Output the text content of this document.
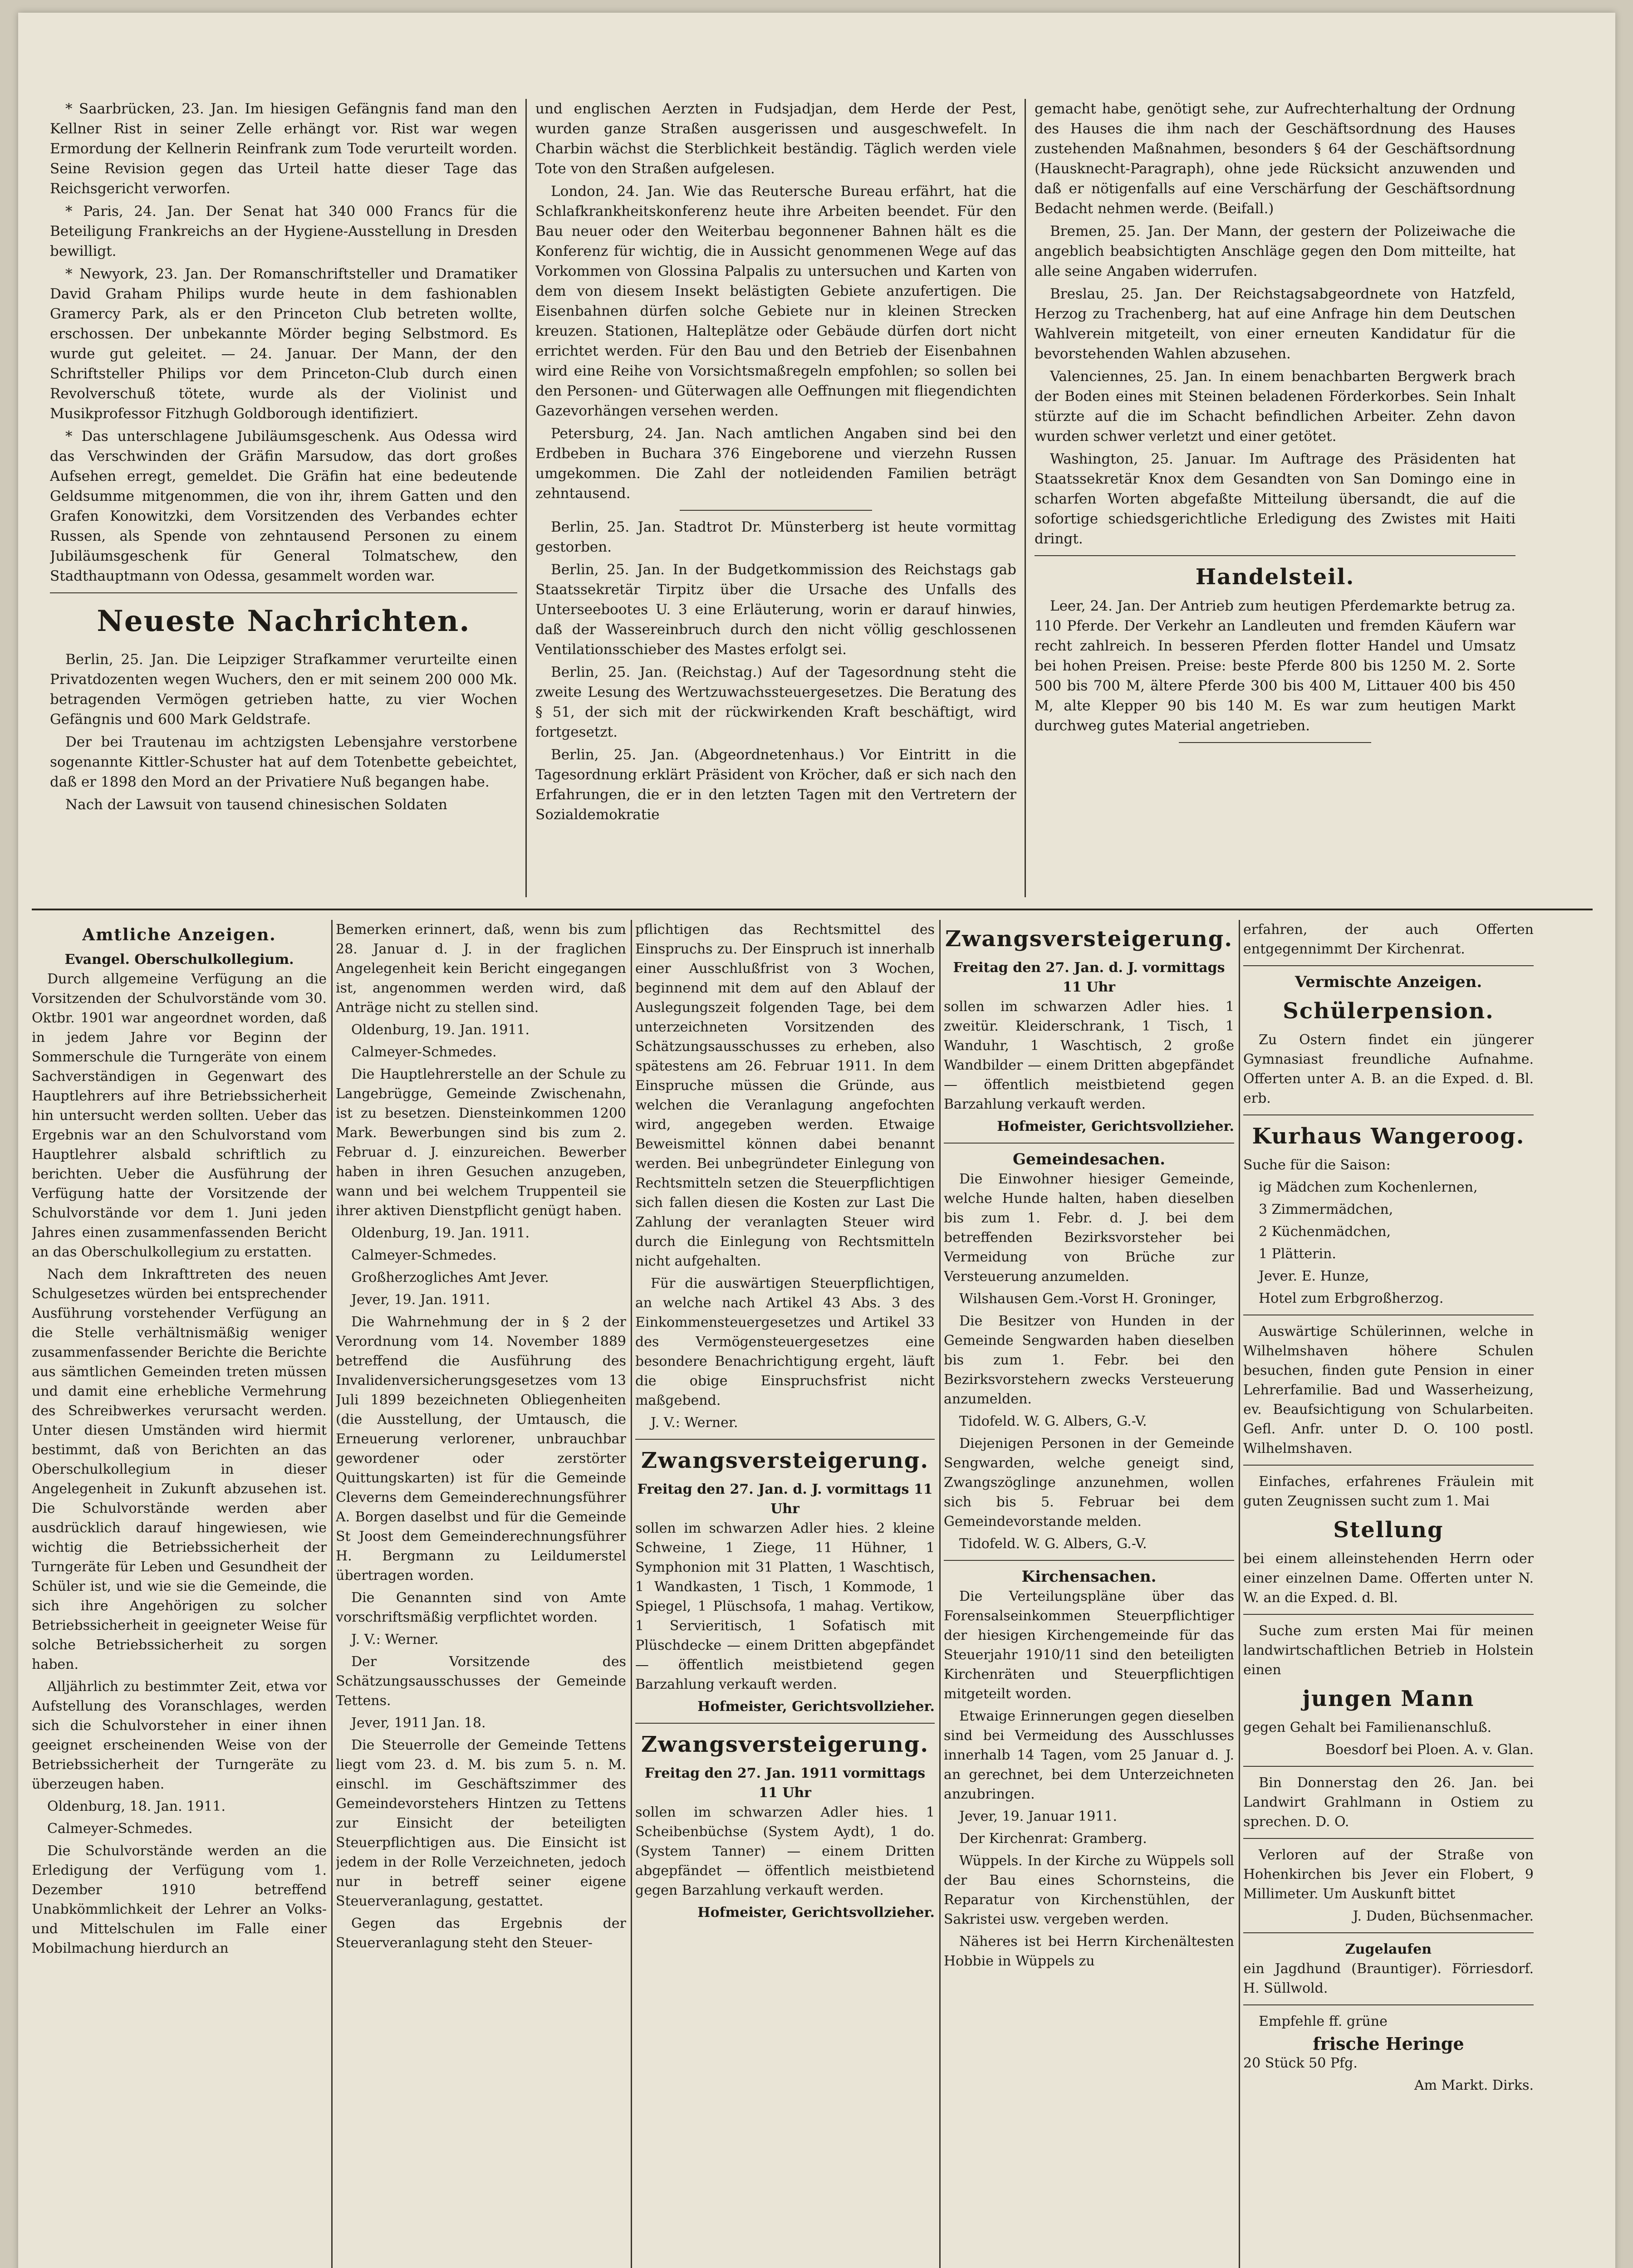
* Saarbrücken, 23. Jan. Im hiesigen Gefängnis fand man den Kellner Rist in seiner Zelle erhängt vor. Rist war wegen Ermordung der Kellnerin Reinfrank zum Tode verurteilt worden. Seine Revision gegen das Urteil hatte dieser Tage das Reichsgericht verworfen.

* Paris, 24. Jan. Der Senat hat 340 000 Francs für die Beteiligung Frankreichs an der Hygiene-Ausstellung in Dresden bewilligt.

* Newyork, 23. Jan. Der Romanschriftsteller und Dramatiker David Graham Philips wurde heute in dem fashionablen Gramercy Park, als er den Princeton Club betreten wollte, erschossen. Der unbekannte Mörder beging Selbstmord. Es wurde gut geleitet. — 24. Januar. Der Mann, der den Schriftsteller Philips vor dem Princeton-Club durch einen Revolverschuß tötete, wurde als der Violinist und Musikprofessor Fitzhugh Goldborough identifiziert.

* Das unterschlagene Jubiläumsgeschenk. Aus Odessa wird das Verschwinden der Gräfin Marsudow, das dort großes Aufsehen erregt, gemeldet. Die Gräfin hat eine bedeutende Geldsumme mitgenommen, die von ihr, ihrem Gatten und den Grafen Konowitzki, dem Vorsitzenden des Verbandes echter Russen, als Spende von zehntausend Personen zu einem Jubiläumsgeschenk für General Tolmatschew, den Stadthauptmann von Odessa, gesammelt worden war.

Neueste Nachrichten.

Berlin, 25. Jan. Die Leipziger Strafkammer verurteilte einen Privatdozenten wegen Wuchers, den er mit seinem 200 000 Mk. betragenden Vermögen getrieben hatte, zu vier Wochen Gefängnis und 600 Mark Geldstrafe.

Der bei Trautenau im achtzigsten Lebensjahre verstorbene sogenannte Kittler-Schuster hat auf dem Totenbette gebeichtet, daß er 1898 den Mord an der Privatiere Nuß begangen habe.

Nach der Lawsuit von tausend chinesischen Soldaten

und englischen Aerzten in Fudsjadjan, dem Herde der Pest, wurden ganze Straßen ausgerissen und ausgeschwefelt. In Charbin wächst die Sterblichkeit beständig. Täglich werden viele Tote von den Straßen aufgelesen.

London, 24. Jan. Wie das Reutersche Bureau erfährt, hat die Schlafkrankheitskonferenz heute ihre Arbeiten beendet. Für den Bau neuer oder den Weiterbau begonnener Bahnen hält es die Konferenz für wichtig, die in Aussicht genommenen Wege auf das Vorkommen von Glossina Palpalis zu untersuchen und Karten von dem von diesem Insekt belästigten Gebiete anzufertigen. Die Eisenbahnen dürfen solche Gebiete nur in kleinen Strecken kreuzen. Stationen, Halteplätze oder Gebäude dürfen dort nicht errichtet werden. Für den Bau und den Betrieb der Eisenbahnen wird eine Reihe von Vorsichtsmaßregeln empfohlen; so sollen bei den Personen- und Güterwagen alle Oeffnungen mit fliegendichten Gazevorhängen versehen werden.

Petersburg, 24. Jan. Nach amtlichen Angaben sind bei den Erdbeben in Buchara 376 Eingeborene und vierzehn Russen umgekommen. Die Zahl der notleidenden Familien beträgt zehntausend.

Berlin, 25. Jan. Stadtrot Dr. Münsterberg ist heute vormittag gestorben.

Berlin, 25. Jan. In der Budgetkommission des Reichstags gab Staatssekretär Tirpitz über die Ursache des Unfalls des Unterseebootes U. 3 eine Erläuterung, worin er darauf hinwies, daß der Wassereinbruch durch den nicht völlig geschlossenen Ventilationsschieber des Mastes erfolgt sei.

Berlin, 25. Jan. (Reichstag.) Auf der Tagesordnung steht die zweite Lesung des Wertzuwachssteuergesetzes. Die Beratung des § 51, der sich mit der rückwirkenden Kraft beschäftigt, wird fortgesetzt.

Berlin, 25. Jan. (Abgeordnetenhaus.) Vor Eintritt in die Tagesordnung erklärt Präsident von Kröcher, daß er sich nach den Erfahrungen, die er in den letzten Tagen mit den Vertretern der Sozialdemokratie

gemacht habe, genötigt sehe, zur Aufrechterhaltung der Ordnung des Hauses die ihm nach der Geschäftsordnung des Hauses zustehenden Maßnahmen, besonders § 64 der Geschäftsordnung (Hausknecht-Paragraph), ohne jede Rücksicht anzuwenden und daß er nötigenfalls auf eine Verschärfung der Geschäftsordnung Bedacht nehmen werde. (Beifall.)

Bremen, 25. Jan. Der Mann, der gestern der Polizeiwache die angeblich beabsichtigten Anschläge gegen den Dom mitteilte, hat alle seine Angaben widerrufen.

Breslau, 25. Jan. Der Reichstagsabgeordnete von Hatzfeld, Herzog zu Trachenberg, hat auf eine Anfrage hin dem Deutschen Wahlverein mitgeteilt, von einer erneuten Kandidatur für die bevorstehenden Wahlen abzusehen.

Valenciennes, 25. Jan. In einem benachbarten Bergwerk brach der Boden eines mit Steinen beladenen Förderkorbes. Sein Inhalt stürzte auf die im Schacht befindlichen Arbeiter. Zehn davon wurden schwer verletzt und einer getötet.

Washington, 25. Januar. Im Auftrage des Präsidenten hat Staatssekretär Knox dem Gesandten von San Domingo eine in scharfen Worten abgefaßte Mitteilung übersandt, die auf die sofortige schiedsgerichtliche Erledigung des Zwistes mit Haiti dringt.

Handelsteil.

Leer, 24. Jan. Der Antrieb zum heutigen Pferdemarkte betrug za. 110 Pferde. Der Verkehr an Landleuten und fremden Käufern war recht zahlreich. In besseren Pferden flotter Handel und Umsatz bei hohen Preisen. Preise: beste Pferde 800 bis 1250 M. 2. Sorte 500 bis 700 M, ältere Pferde 300 bis 400 M, Littauer 400 bis 450 M, alte Klepper 90 bis 140 M. Es war zum heutigen Markt durchweg gutes Material angetrieben.

Amtliche Anzeigen.
Evangel. Oberschulkollegium.

Durch allgemeine Verfügung an die Vorsitzenden der Schulvorstände vom 30. Oktbr. 1901 war angeordnet worden, daß in jedem Jahre vor Beginn der Sommerschule die Turngeräte von einem Sachverständigen in Gegenwart des Hauptlehrers auf ihre Betriebssicherheit hin untersucht werden sollten. Ueber das Ergebnis war an den Schulvorstand vom Hauptlehrer alsbald schriftlich zu berichten. Ueber die Ausführung der Verfügung hatte der Vorsitzende der Schulvorstände vor dem 1. Juni jeden Jahres einen zusammenfassenden Bericht an das Oberschulkollegium zu erstatten.

Nach dem Inkrafttreten des neuen Schulgesetzes würden bei entsprechender Ausführung vorstehender Verfügung an die Stelle verhältnismäßig weniger zusammenfassender Berichte die Berichte aus sämtlichen Gemeinden treten müssen und damit eine erhebliche Vermehrung des Schreibwerkes verursacht werden. Unter diesen Umständen wird hiermit bestimmt, daß von Berichten an das Oberschulkollegium in dieser Angelegenheit in Zukunft abzusehen ist. Die Schulvorstände werden aber ausdrücklich darauf hingewiesen, wie wichtig die Betriebssicherheit der Turngeräte für Leben und Gesundheit der Schüler ist, und wie sie die Gemeinde, die sich ihre Angehörigen zu solcher Betriebssicherheit in geeigneter Weise für solche Betriebssicherheit zu sorgen haben.

Alljährlich zu bestimmter Zeit, etwa vor Aufstellung des Voranschlages, werden sich die Schulvorsteher in einer ihnen geeignet erscheinenden Weise von der Betriebssicherheit der Turngeräte zu überzeugen haben.

Oldenburg, 18. Jan. 1911.

Calmeyer-Schmedes.

Die Schulvorstände werden an die Erledigung der Verfügung vom 1. Dezember 1910 betreffend Unabkömmlichkeit der Lehrer an Volks- und Mittelschulen im Falle einer Mobilmachung hierdurch an

Bemerken erinnert, daß, wenn bis zum 28. Januar d. J. in der fraglichen Angelegenheit kein Bericht eingegangen ist, angenommen werden wird, daß Anträge nicht zu stellen sind.

Oldenburg, 19. Jan. 1911.

Calmeyer-Schmedes.

Die Hauptlehrerstelle an der Schule zu Langebrügge, Gemeinde Zwischenahn, ist zu besetzen. Diensteinkommen 1200 Mark. Bewerbungen sind bis zum 2. Februar d. J. einzureichen. Bewerber haben in ihren Gesuchen anzugeben, wann und bei welchem Truppenteil sie ihrer aktiven Dienstpflicht genügt haben.

Oldenburg, 19. Jan. 1911.

Calmeyer-Schmedes.

Großherzogliches Amt Jever.

Jever, 19. Jan. 1911.

Die Wahrnehmung der in § 2 der Verordnung vom 14. November 1889 betreffend die Ausführung des Invalidenversicherungsgesetzes vom 13 Juli 1899 bezeichneten Obliegenheiten (die Ausstellung, der Umtausch, die Erneuerung verlorener, unbrauchbar gewordener oder zerstörter Quittungskarten) ist für die Gemeinde Cleverns dem Gemeinderechnungsführer A. Borgen daselbst und für die Gemeinde St Joost dem Gemeinderechnungsführer H. Bergmann zu Leildumerstel übertragen worden.

Die Genannten sind von Amte vorschriftsmäßig verpflichtet worden.

J. V.: Werner.

Der Vorsitzende des Schätzungsausschusses der Gemeinde Tettens.

Jever, 1911 Jan. 18.

Die Steuerrolle der Gemeinde Tettens liegt vom 23. d. M. bis zum 5. n. M. einschl. im Geschäftszimmer des Gemeindevorstehers Hintzen zu Tettens zur Einsicht der beteiligten Steuerpflichtigen aus. Die Einsicht ist jedem in der Rolle Verzeichneten, jedoch nur in betreff seiner eigene Steuerveranlagung, gestattet.

Gegen das Ergebnis der Steuerveranlagung steht den Steuer-

pflichtigen das Rechtsmittel des Einspruchs zu. Der Einspruch ist innerhalb einer Ausschlußfrist von 3 Wochen, beginnend mit dem auf den Ablauf der Auslegungszeit folgenden Tage, bei dem unterzeichneten Vorsitzenden des Schätzungsausschusses zu erheben, also spätestens am 26. Februar 1911. In dem Einspruche müssen die Gründe, aus welchen die Veranlagung angefochten wird, angegeben werden. Etwaige Beweismittel können dabei benannt werden. Bei unbegründeter Einlegung von Rechtsmitteln setzen die Steuerpflichtigen sich fallen diesen die Kosten zur Last Die Zahlung der veranlagten Steuer wird durch die Einlegung von Rechtsmitteln nicht aufgehalten.

Für die auswärtigen Steuerpflichtigen, an welche nach Artikel 43 Abs. 3 des Einkommensteuergesetzes und Artikel 33 des Vermögensteuergesetzes eine besondere Benachrichtigung ergeht, läuft die obige Einspruchsfrist nicht maßgebend.

J. V.: Werner.

Zwangsversteigerung.
Freitag den 27. Jan. d. J. vormittags 11 Uhr

sollen im schwarzen Adler hies. 2 kleine Schweine, 1 Ziege, 11 Hühner, 1 Symphonion mit 31 Platten, 1 Waschtisch, 1 Wandkasten, 1 Tisch, 1 Kommode, 1 Spiegel, 1 Plüschsofa, 1 mahag. Vertikow, 1 Servieritisch, 1 Sofatisch mit Plüschdecke — einem Dritten abgepfändet — öffentlich meistbietend gegen Barzahlung verkauft werden.

Hofmeister, Gerichtsvollzieher.
Zwangsversteigerung.
Freitag den 27. Jan. 1911 vormittags 11 Uhr

sollen im schwarzen Adler hies. 1 Scheibenbüchse (System Aydt), 1 do. (System Tanner) — einem Dritten abgepfändet — öffentlich meistbietend gegen Barzahlung verkauft werden.

Hofmeister, Gerichtsvollzieher.
Zwangsversteigerung.
Freitag den 27. Jan. d. J. vormittags 11 Uhr

sollen im schwarzen Adler hies. 1 zweitür. Kleiderschrank, 1 Tisch, 1 Wanduhr, 1 Waschtisch, 2 große Wandbilder — einem Dritten abgepfändet — öffentlich meistbietend gegen Barzahlung verkauft werden.

Hofmeister, Gerichtsvollzieher.
Gemeindesachen.

Die Einwohner hiesiger Gemeinde, welche Hunde halten, haben dieselben bis zum 1. Febr. d. J. bei dem betreffenden Bezirksvorsteher bei Vermeidung von Brüche zur Versteuerung anzumelden.

Wilshausen Gem.-Vorst H. Groninger,

Die Besitzer von Hunden in der Gemeinde Sengwarden haben dieselben bis zum 1. Febr. bei den Bezirksvorstehern zwecks Versteuerung anzumelden.

Tidofeld. W. G. Albers, G.-V.

Diejenigen Personen in der Gemeinde Sengwarden, welche geneigt sind, Zwangszöglinge anzunehmen, wollen sich bis 5. Februar bei dem Gemeindevorstande melden.

Tidofeld. W. G. Albers, G.-V.

Kirchensachen.

Die Verteilungspläne über das Forensalseinkommen Steuerpflichtiger der hiesigen Kirchengemeinde für das Steuerjahr 1910/11 sind den beteiligten Kirchenräten und Steuerpflichtigen mitgeteilt worden.

Etwaige Erinnerungen gegen dieselben sind bei Vermeidung des Ausschlusses innerhalb 14 Tagen, vom 25 Januar d. J. an gerechnet, bei dem Unterzeichneten anzubringen.

Jever, 19. Januar 1911.

Der Kirchenrat: Gramberg.

Wüppels. In der Kirche zu Wüppels soll der Bau eines Schornsteins, die Reparatur von Kirchenstühlen, der Sakristei usw. vergeben werden.

Näheres ist bei Herrn Kirchenältesten Hobbie in Wüppels zu

erfahren, der auch Offerten entgegennimmt Der Kirchenrat.

Vermischte Anzeigen.
Schülerpension.

Zu Ostern findet ein jüngerer Gymnasiast freundliche Aufnahme. Offerten unter A. B. an die Exped. d. Bl. erb.

Kurhaus Wangeroog.

Suche für die Saison:

ig Mädchen zum Kochenlernen,

3 Zimmermädchen,

2 Küchenmädchen,

1 Plätterin.

Jever. E. Hunze,

Hotel zum Erbgroßherzog.

Auswärtige Schülerinnen, welche in Wilhelmshaven höhere Schulen besuchen, finden gute Pension in einer Lehrerfamilie. Bad und Wasserheizung, ev. Beaufsichtigung von Schularbeiten. Gefl. Anfr. unter D. O. 100 postl. Wilhelmshaven.

Einfaches, erfahrenes Fräulein mit guten Zeugnissen sucht zum 1. Mai

Stellung

bei einem alleinstehenden Herrn oder einer einzelnen Dame. Offerten unter N. W. an die Exped. d. Bl.

Suche zum ersten Mai für meinen landwirtschaftlichen Betrieb in Holstein einen

jungen Mann

gegen Gehalt bei Familienanschluß.

Boesdorf bei Ploen. A. v. Glan.

Bin Donnerstag den 26. Jan. bei Landwirt Grahlmann in Ostiem zu sprechen. D. O.

Verloren auf der Straße von Hohenkirchen bis Jever ein Flobert, 9 Millimeter. Um Auskunft bittet

J. Duden, Büchsenmacher.
Zugelaufen

ein Jagdhund (Brauntiger). Förriesdorf. H. Süllwold.

Empfehle ff. grüne

frische Heringe

20 Stück 50 Pfg.

Am Markt. Dirks.
